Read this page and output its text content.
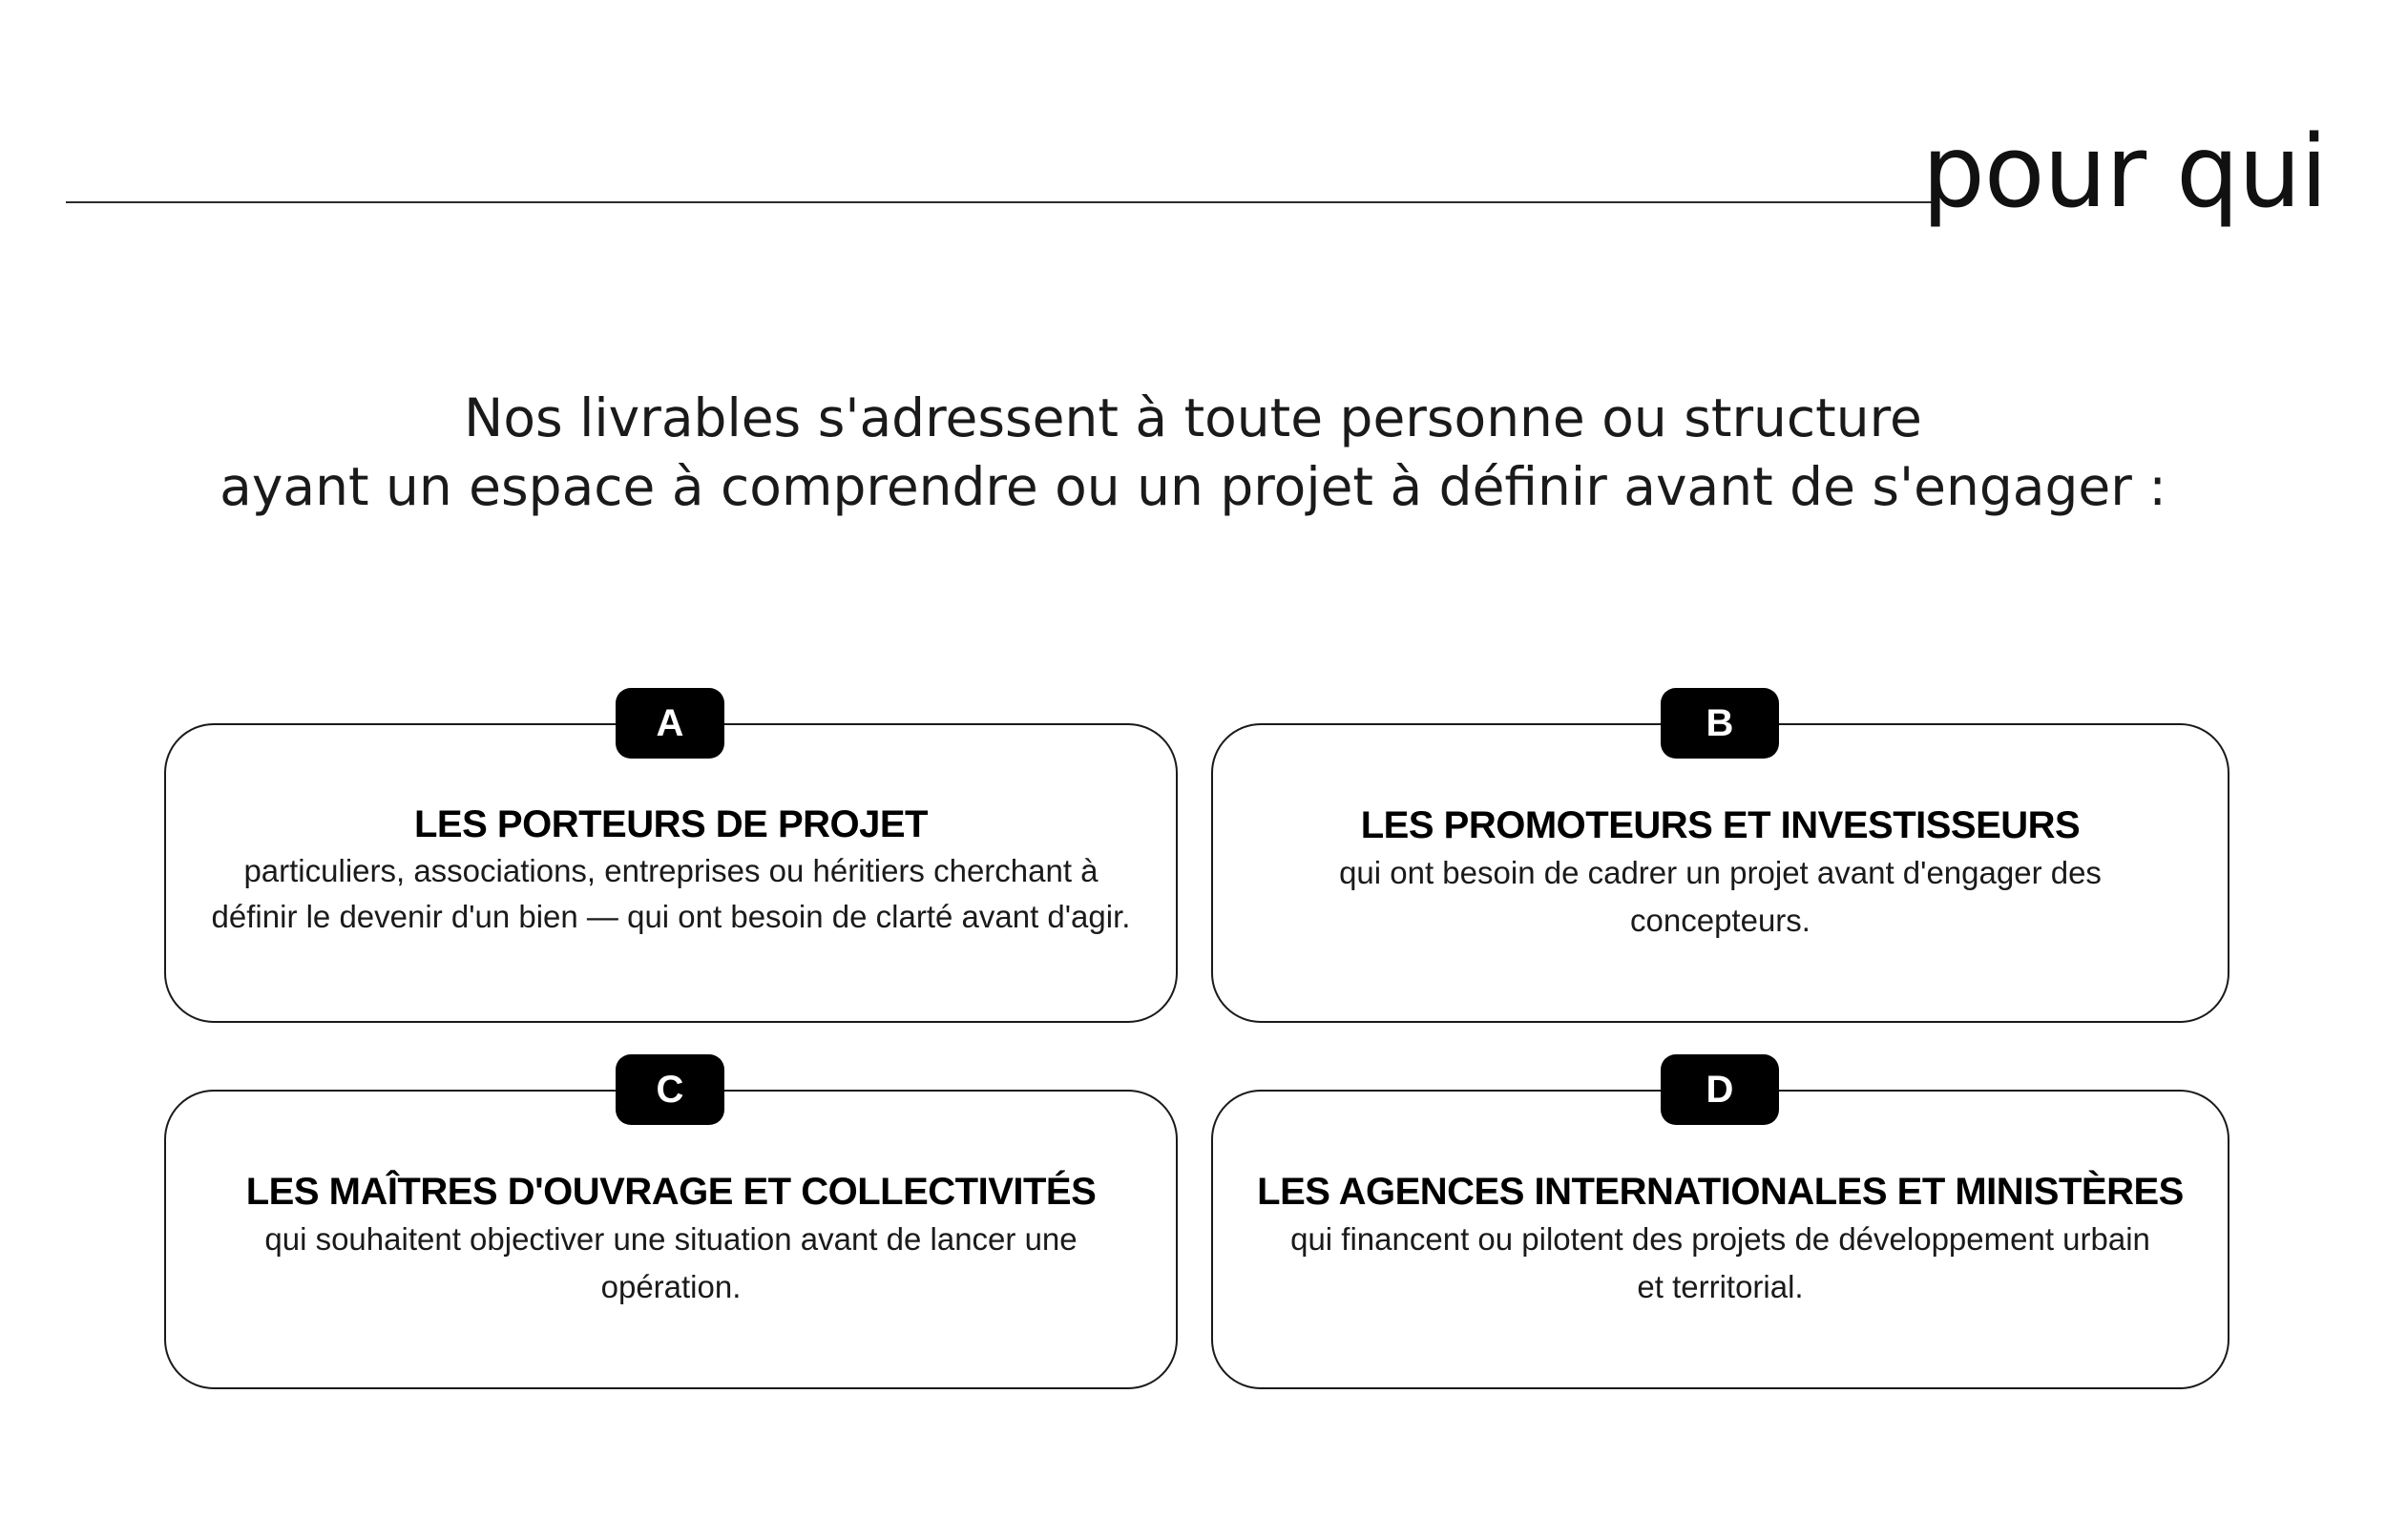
pour qui
Nos livrables s'adressent à toute personne ou structure
ayant un espace à comprendre ou un projet à définir avant de s'engager :
LES PORTEURS DE PROJET
particuliers, associations, entreprises ou héritiers cherchant à
définir le devenir d'un bien — qui ont besoin de clarté avant d'agir.
A
LES PROMOTEURS ET INVESTISSEURS
qui ont besoin de cadrer un projet avant d'engager des
concepteurs.
B
LES MAÎTRES D'OUVRAGE ET COLLECTIVITÉS
qui souhaitent objectiver une situation avant de lancer une
opération.
C
LES AGENCES INTERNATIONALES ET MINISTÈRES
qui financent ou pilotent des projets de développement urbain
et territorial.
D
